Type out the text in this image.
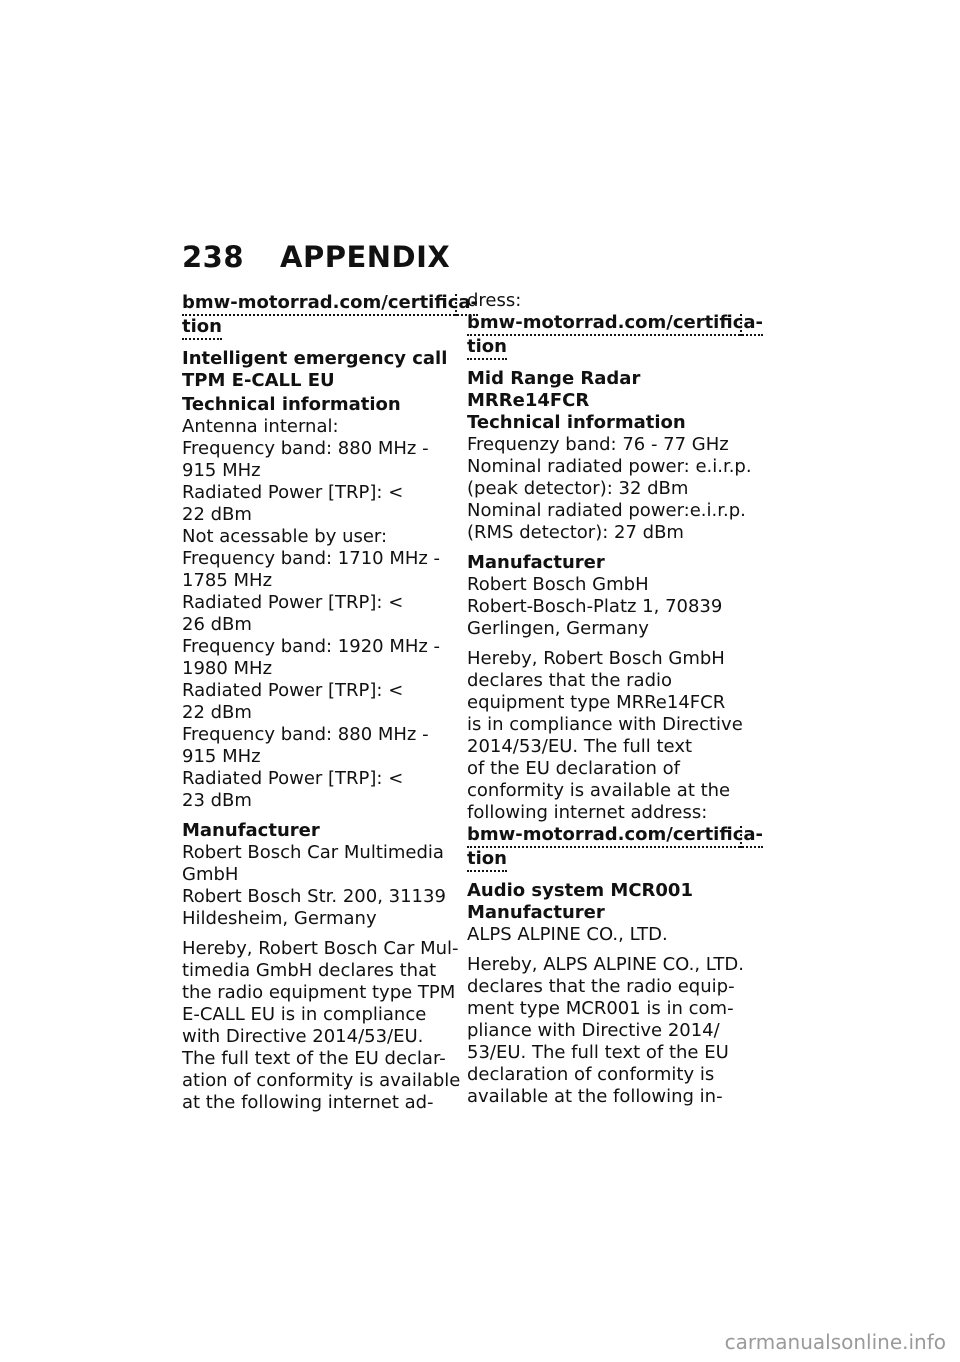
238 APPENDIX
bmw-motorrad.com/certifica-
tion
Intelligent emergency call
TPM E-CALL EU
Technical information
Antenna internal:
Frequency band: 880 MHz -
915 MHz
Radiated Power [TRP]: <
22 dBm
Not acessable by user:
Frequency band: 1710 MHz -
1785 MHz
Radiated Power [TRP]: <
26 dBm
Frequency band: 1920 MHz -
1980 MHz
Radiated Power [TRP]: <
22 dBm
Frequency band: 880 MHz -
915 MHz
Radiated Power [TRP]: <
23 dBm
Manufacturer
Robert Bosch Car Multimedia
GmbH
Robert Bosch Str. 200, 31139
Hildesheim, Germany
Hereby, Robert Bosch Car Mul-
timedia GmbH declares that
the radio equipment type TPM
E-CALL EU is in compliance
with Directive 2014/53/EU.
The full text of the EU declar-
ation of conformity is available
at the following internet ad-
dress:
bmw-motorrad.com/certifica-
tion
Mid Range Radar
MRRe14FCR
Technical information
Frequenzy band: 76 - 77 GHz
Nominal radiated power: e.i.r.p.
(peak detector): 32 dBm
Nominal radiated power:e.i.r.p.
(RMS detector): 27 dBm
Manufacturer
Robert Bosch GmbH
Robert-Bosch-Platz 1, 70839
Gerlingen, Germany
Hereby, Robert Bosch GmbH
declares that the radio
equipment type MRRe14FCR
is in compliance with Directive
2014/53/EU. The full text
of the EU declaration of
conformity is available at the
following internet address:
bmw-motorrad.com/certifica-
tion
Audio system MCR001
Manufacturer
ALPS ALPINE CO., LTD.
Hereby, ALPS ALPINE CO., LTD.
declares that the radio equip-
ment type MCR001 is in com-
pliance with Directive 2014/
53/EU. The full text of the EU
declaration of conformity is
available at the following in-
carmanualsonline.info
